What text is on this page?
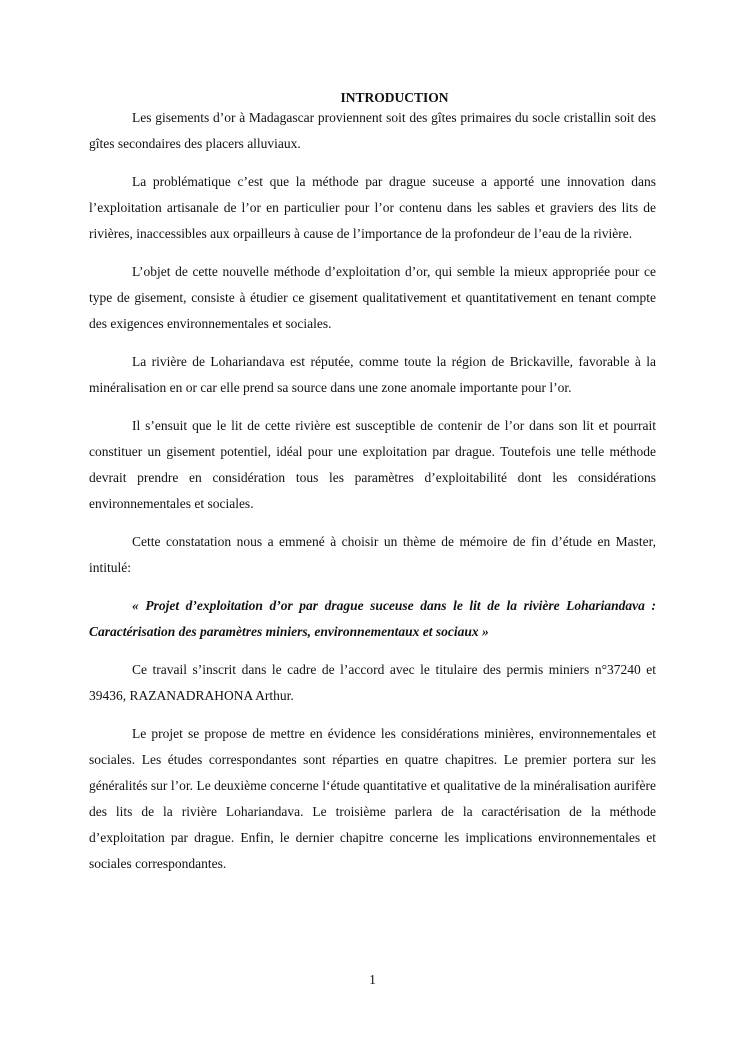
INTRODUCTION

Les gisements d’or à Madagascar proviennent soit des gîtes primaires du socle cristallin soit des gîtes secondaires des placers alluviaux.

La problématique c’est que la méthode par drague suceuse a apporté une innovation dans l’exploitation artisanale de l’or en particulier pour l’or contenu dans les sables et graviers des lits de rivières, inaccessibles aux orpailleurs à cause de l’importance de la profondeur de l’eau de la rivière.

L’objet de cette nouvelle méthode d’exploitation d’or, qui semble la mieux appropriée pour ce type de gisement, consiste à étudier ce gisement qualitativement et quantitativement en tenant compte des exigences environnementales et sociales.

La rivière de Lohariandava est réputée, comme toute la région de Brickaville, favorable à la minéralisation en or car elle prend sa source dans une zone anomale importante pour l’or.

Il s’ensuit que le lit de cette rivière est susceptible de contenir de l’or dans son lit et pourrait constituer un gisement potentiel, idéal pour une exploitation par drague. Toutefois une telle méthode devrait prendre en considération tous les paramètres d’exploitabilité dont les considérations environnementales et sociales.

Cette constatation nous a emmené à choisir un thème de mémoire de fin d’étude en Master, intitulé:

« Projet d’exploitation d’or par drague suceuse dans le lit de la rivière Lohariandava : Caractérisation des paramètres miniers, environnementaux et sociaux »

Ce travail s’inscrit dans le cadre de l’accord avec le titulaire des permis miniers n°37240 et 39436, RAZANADRAHONA Arthur.

Le projet se propose de mettre en évidence les considérations minières, environnementales et sociales. Les études correspondantes sont réparties en quatre chapitres. Le premier portera sur les généralités sur l’or. Le deuxième concerne l‘étude quantitative et qualitative de la minéralisation aurifère des lits de la rivière Lohariandava. Le troisième parlera de la caractérisation de la méthode d’exploitation par drague. Enfin, le dernier chapitre concerne les implications environnementales et sociales correspondantes.

1
